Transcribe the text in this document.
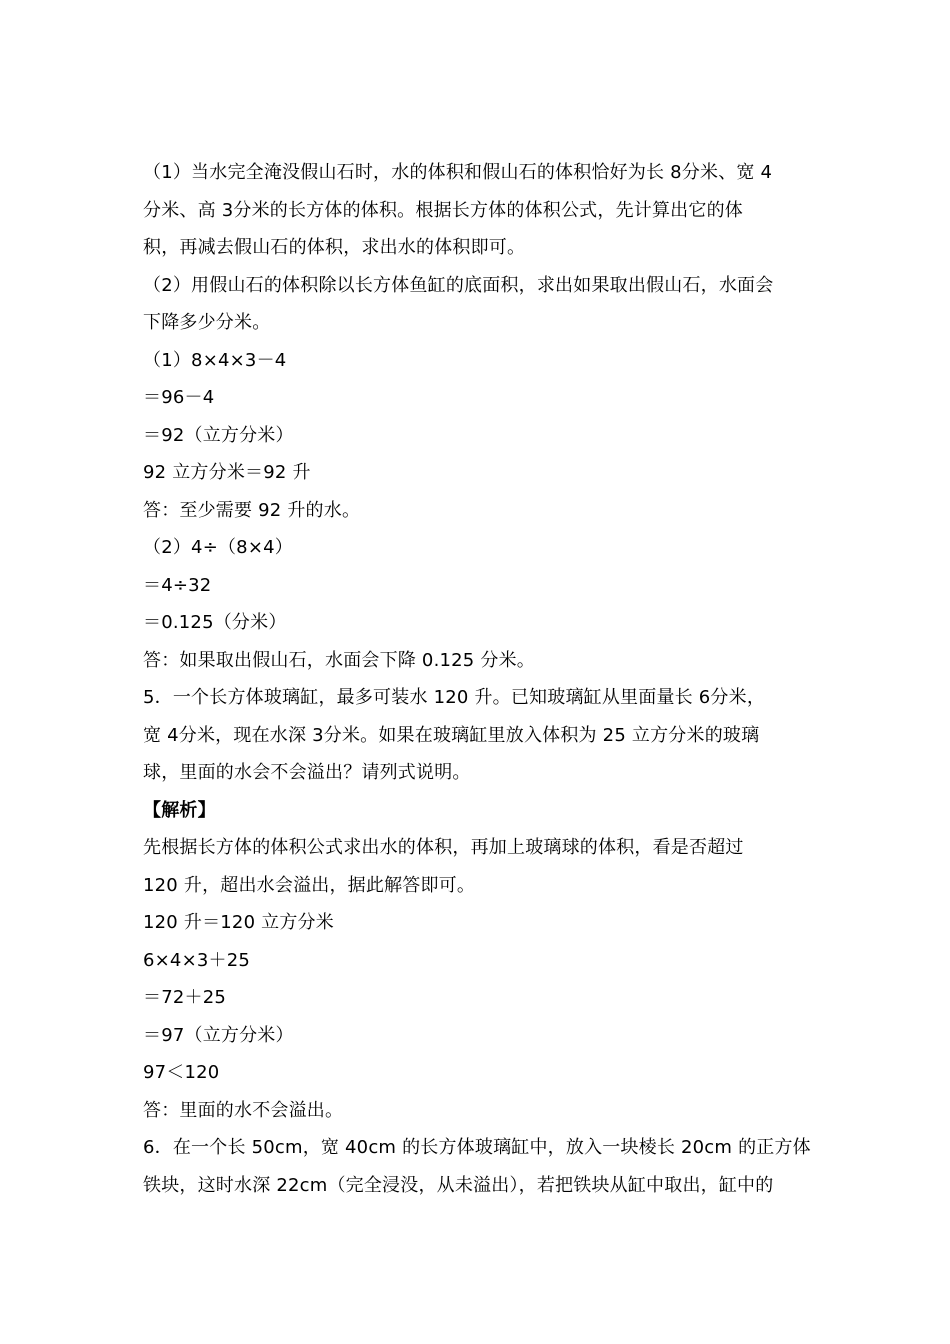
（1）当水完全淹没假山石时，水的体积和假山石的体积恰好为长 8分米、宽 4
分米、高 3分米的长方体的体积。根据长方体的体积公式，先计算出它的体
积，再减去假山石的体积，求出水的体积即可。
（2）用假山石的体积除以长方体鱼缸的底面积，求出如果取出假山石，水面会
下降多少分米。
（1）8×4×3－4
＝96－4
＝92（立方分米）
92 立方分米＝92 升
答：至少需要 92 升的水。
（2）4÷（8×4）
＝4÷32
＝0.125（分米）
答：如果取出假山石，水面会下降 0.125 分米。
5．一个长方体玻璃缸，最多可装水 120 升。已知玻璃缸从里面量长 6分米，
宽 4分米，现在水深 3分米。如果在玻璃缸里放入体积为 25 立方分米的玻璃
球，里面的水会不会溢出？请列式说明。
【解析】
先根据长方体的体积公式求出水的体积，再加上玻璃球的体积，看是否超过
120 升，超出水会溢出，据此解答即可。
120 升＝120 立方分米
6×4×3＋25
＝72＋25
＝97（立方分米）
97＜120
答：里面的水不会溢出。
6．在一个长 50cm，宽 40cm 的长方体玻璃缸中，放入一块棱长 20cm 的正方体
铁块，这时水深 22cm（完全浸没，从未溢出），若把铁块从缸中取出，缸中的
